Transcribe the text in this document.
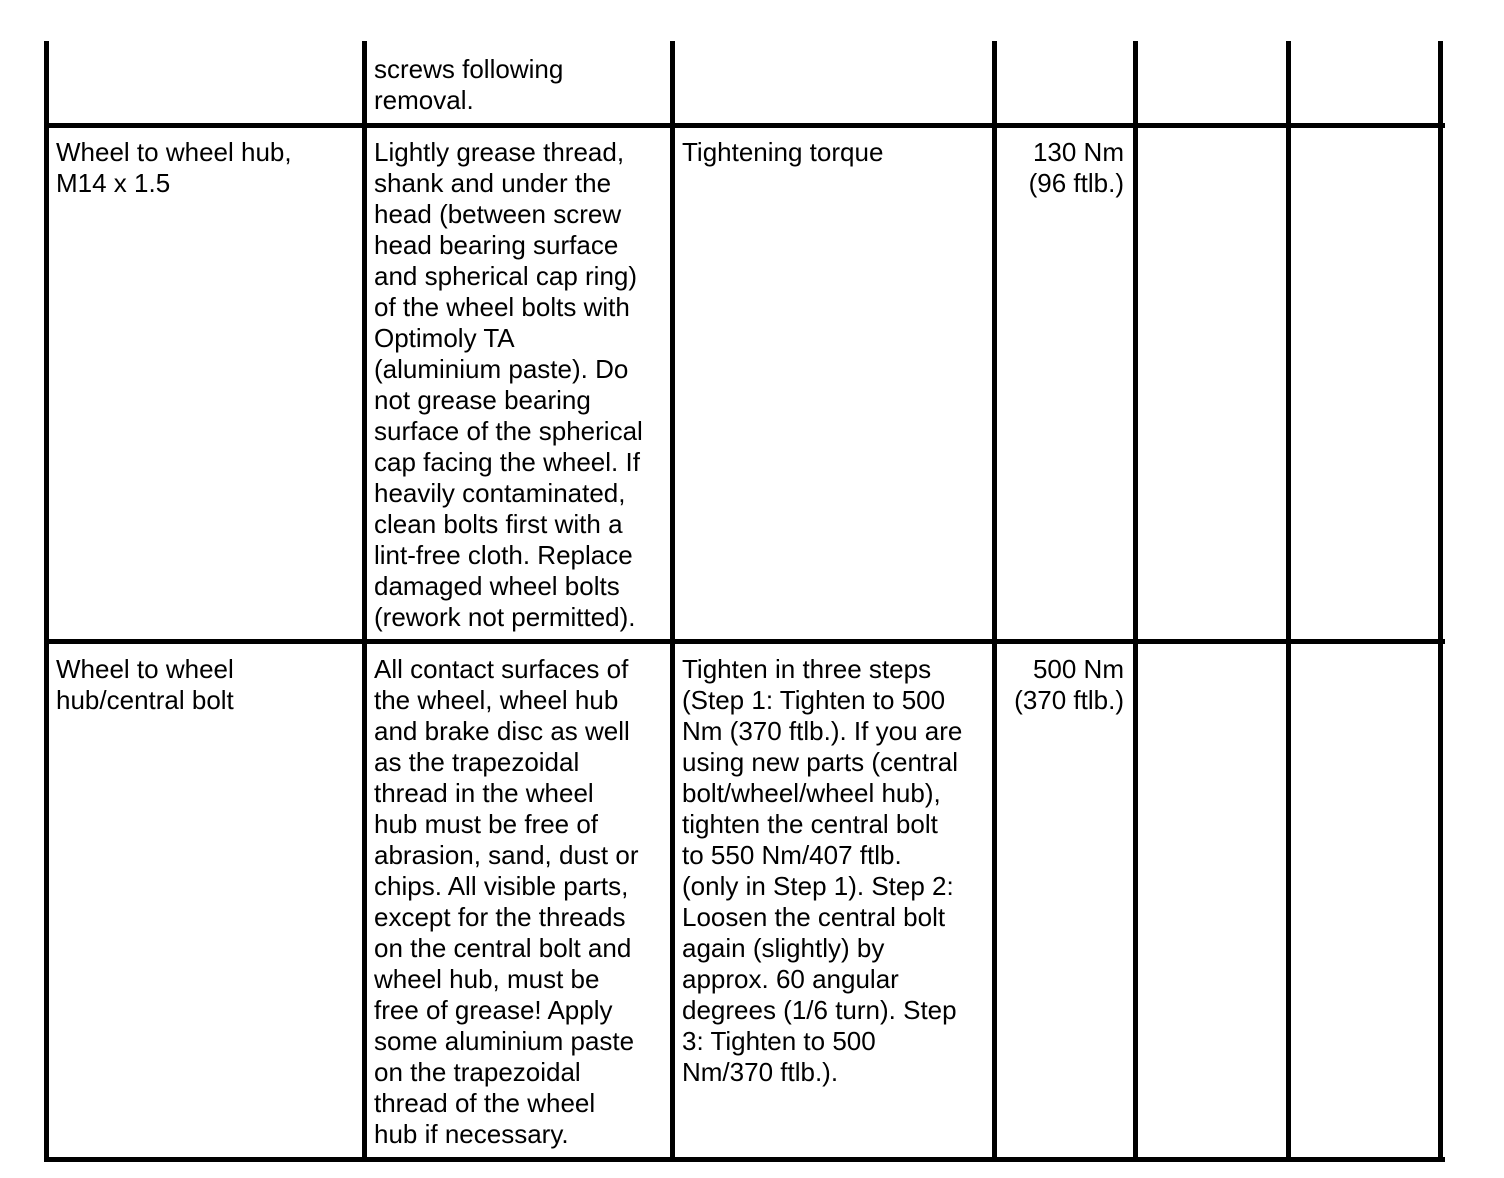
screws following
removal.
Wheel to wheel hub,
M14 x 1.5
Lightly grease thread,
shank and under the
head (between screw
head bearing surface
and spherical cap ring)
of the wheel bolts with
Optimoly TA
(aluminium paste). Do
not grease bearing
surface of the spherical
cap facing the wheel. If
heavily contaminated,
clean bolts first with a
lint-free cloth. Replace
damaged wheel bolts
(rework not permitted).
Tightening torque	130 Nm
(96 ftlb.)
Wheel to wheel
hub/central bolt
All contact surfaces of
the wheel, wheel hub
and brake disc as well
as the trapezoidal
thread in the wheel
hub must be free of
abrasion, sand, dust or
chips. All visible parts,
except for the threads
on the central bolt and
wheel hub, must be
free of grease! Apply
some aluminium paste
on the trapezoidal
thread of the wheel
hub if necessary.
Tighten in three steps
(Step 1: Tighten to 500
Nm (370 ftlb.). If you are
using new parts (central
bolt/wheel/wheel hub),
tighten the central bolt
to 550 Nm/407 ftlb.
(only in Step 1). Step 2:
Loosen the central bolt
again (slightly) by
approx. 60 angular
degrees (1/6 turn). Step
3: Tighten to 500
Nm/370 ftlb.).
500 Nm
(370 ftlb.)
